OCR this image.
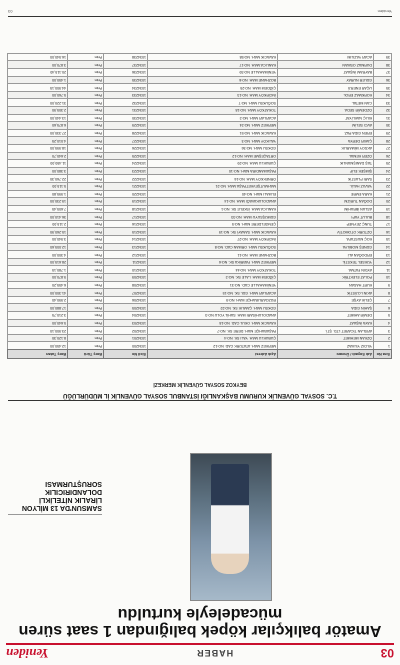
03
HABER
Yeniden
Amatör balıkçılar köpek balığından 1 saat süren mücadeleyle kurtuldu

SAMSUN'DA 13 MİLYON LİRALIK NİTELİKLİ DOLANDIRICILIK SORUŞTURMASI
T.C. SOSYAL GÜVENLİK KURUMU BAŞKANLIĞI İSTANBUL SOSYAL GÜVENLİK İL MÜDÜRLÜĞÜ
BEYKOZ SOSYAL GÜVENLİK MERKEZİ
Sıra No	Adı Soyadı / Ünvanı	Açık Adresi	Sicil No	Borç Türü	Borç Tutarı
1	YILDIZ YILMAZ	MERKEZ MAH. ATATÜRK CAD. NO:12	1034200	Prim	12.450,00
2	ÖZKAN MEHMET	ÇUBUKLU MAH. YALI SK. NO:4	1034201	Prim	8.120,30
3	ARSLAN TİCARET LTD. ŞTİ.	PAŞABAHÇE MAH. DERE SK. NO:7	1034202	Prim	23.900,10
4	KAYA İNŞAAT	KAVACIK MAH. OKUL CAD. NO:18	1034203	Prim	5.640,00
5	DEMİR AHMET	ANADOLUHİSARI MAH. SAHİL YOLU NO:3	1034204	Prim	3.210,75
6	ŞAHİN GIDA	GÖKSU MAH. ÇAMLIK SK. NO:22	1034205	Prim	17.880,00
7	ÇELİK AYŞE	RÜZGARLIBAHÇE MAH. NO:9	1034206	Prim	2.990,40
8	AKIN LOJİSTİK	ACARLAR MAH. GÜL SK. NO:15	1034207	Prim	41.300,00
9	KURT HASAN	YENİMAHALLE CAD. NO:31	1034208	Prim	6.455,20
10	POLAT ELEKTRİK	ÇİĞDEM MAH. LALE SK. NO:2	1034209	Prim	9.870,00
11	AYDIN FATMA	TOKATKÖY MAH. NO:44	1034210	Prim	1.780,15
12	YÜKSEL TEKSTİL	MERKEZ MAH. FABRİKA SK. NO:6	1034211	Prim	28.615,00
13	ERDOĞAN ALİ	BOZHANE MAH. NO:11	1034212	Prim	4.300,00
14	GÜNEŞ MOBİLYA	SOĞUKSU MAH. ORMAN CAD. NO:8	1034213	Prim	12.005,60
15	KOÇ MUSTAFA	İNCİRKÖY MAH. NO:27	1034214	Prim	3.940,00
16	ÖZTÜRK OTOMOTİV	KAVACIK MAH. SANAYİ SK. NO:19	1034215	Prim	15.260,90
17	TUNÇ ZEYNEP	ÇENGELDERE MAH. NO:5	1034216	Prim	2.115,00
18	BULUT YAPI	GÜMÜŞSUYU MAH. NO:33	1034217	Prim	36.410,00
19	ASLAN İBRAHİM	KANLICA MAH. İSKELE SK. NO:1	1034218	Prim	7.605,45
20	DOĞAN TURİZM	ANADOLUKAVAĞI MAH. NO:14	1034219	Prim	19.230,00
21	KARA EMRE	ELMALI MAH. NO:40	1034220	Prim	1.995,80
22	YAVUZ HALİL	MAHMUTŞEVKETPAŞA MAH. NO:21	1034221	Prim	5.115,00
23	SARI PLASTİK	ÖRNEKKÖY MAH. NO:16	1034222	Prim	22.760,30
24	ŞİMŞEK ELİF	PAŞAMANDIRA MAH. NO:10	1034223	Prim	3.380,00
25	TAŞ DANIŞMANLIK	ÇUBUKLU MAH. NO:29	1034224	Prim	11.450,00
26	ÖZER KEMAL	ORTAÇEŞME MAH. NO:12	1034225	Prim	2.640,70
27	AKSOY MİMARLIK	GÖKSU MAH. NO:36	1034226	Prim	18.995,00
28	ÇAKIR DERYA	YALIKÖY MAH. NO:3	1034227	Prim	4.010,25
29	EREN GIDA PAZ.	KAVACIK MAH. NO:51	1034228	Prim	27.330,00
30	AVCI SELİM	MERKEZ MAH. NO:24	1034229	Prim	6.875,60
31	KILIÇ NAKLİYAT	ACARLAR MAH. NO:2	1034230	Prim	13.440,00
32	ÖZDEMİR SEDA	TOKATKÖY MAH. NO:18	1034231	Prim	2.305,90
33	CAN METAL	SOĞUKSU MAH. NO:7	1034232	Prim	31.220,00
34	KORKMAZ EROL	İNCİRKÖY MAH. NO:13	1034233	Prim	5.760,00
35	UÇAR ENERJİ	ÇİĞDEM MAH. NO:25	1034234	Prim	44.900,15
36	GÜLER NURAY	BOZHANE MAH. NO:6	1034235	Prim	1.450,00
37	BAYRAM İNŞAAT	YENİMAHALLE NO:39	1034236	Prim	20.115,40
38	DURMAZ OSMAN	KANLICA MAH. NO:17	1034237	Prim	3.870,00
39	ACAR YAZILIM	KAVACIK MAH. NO:58	1034238	Prim	16.540,00
Yeniden
03
